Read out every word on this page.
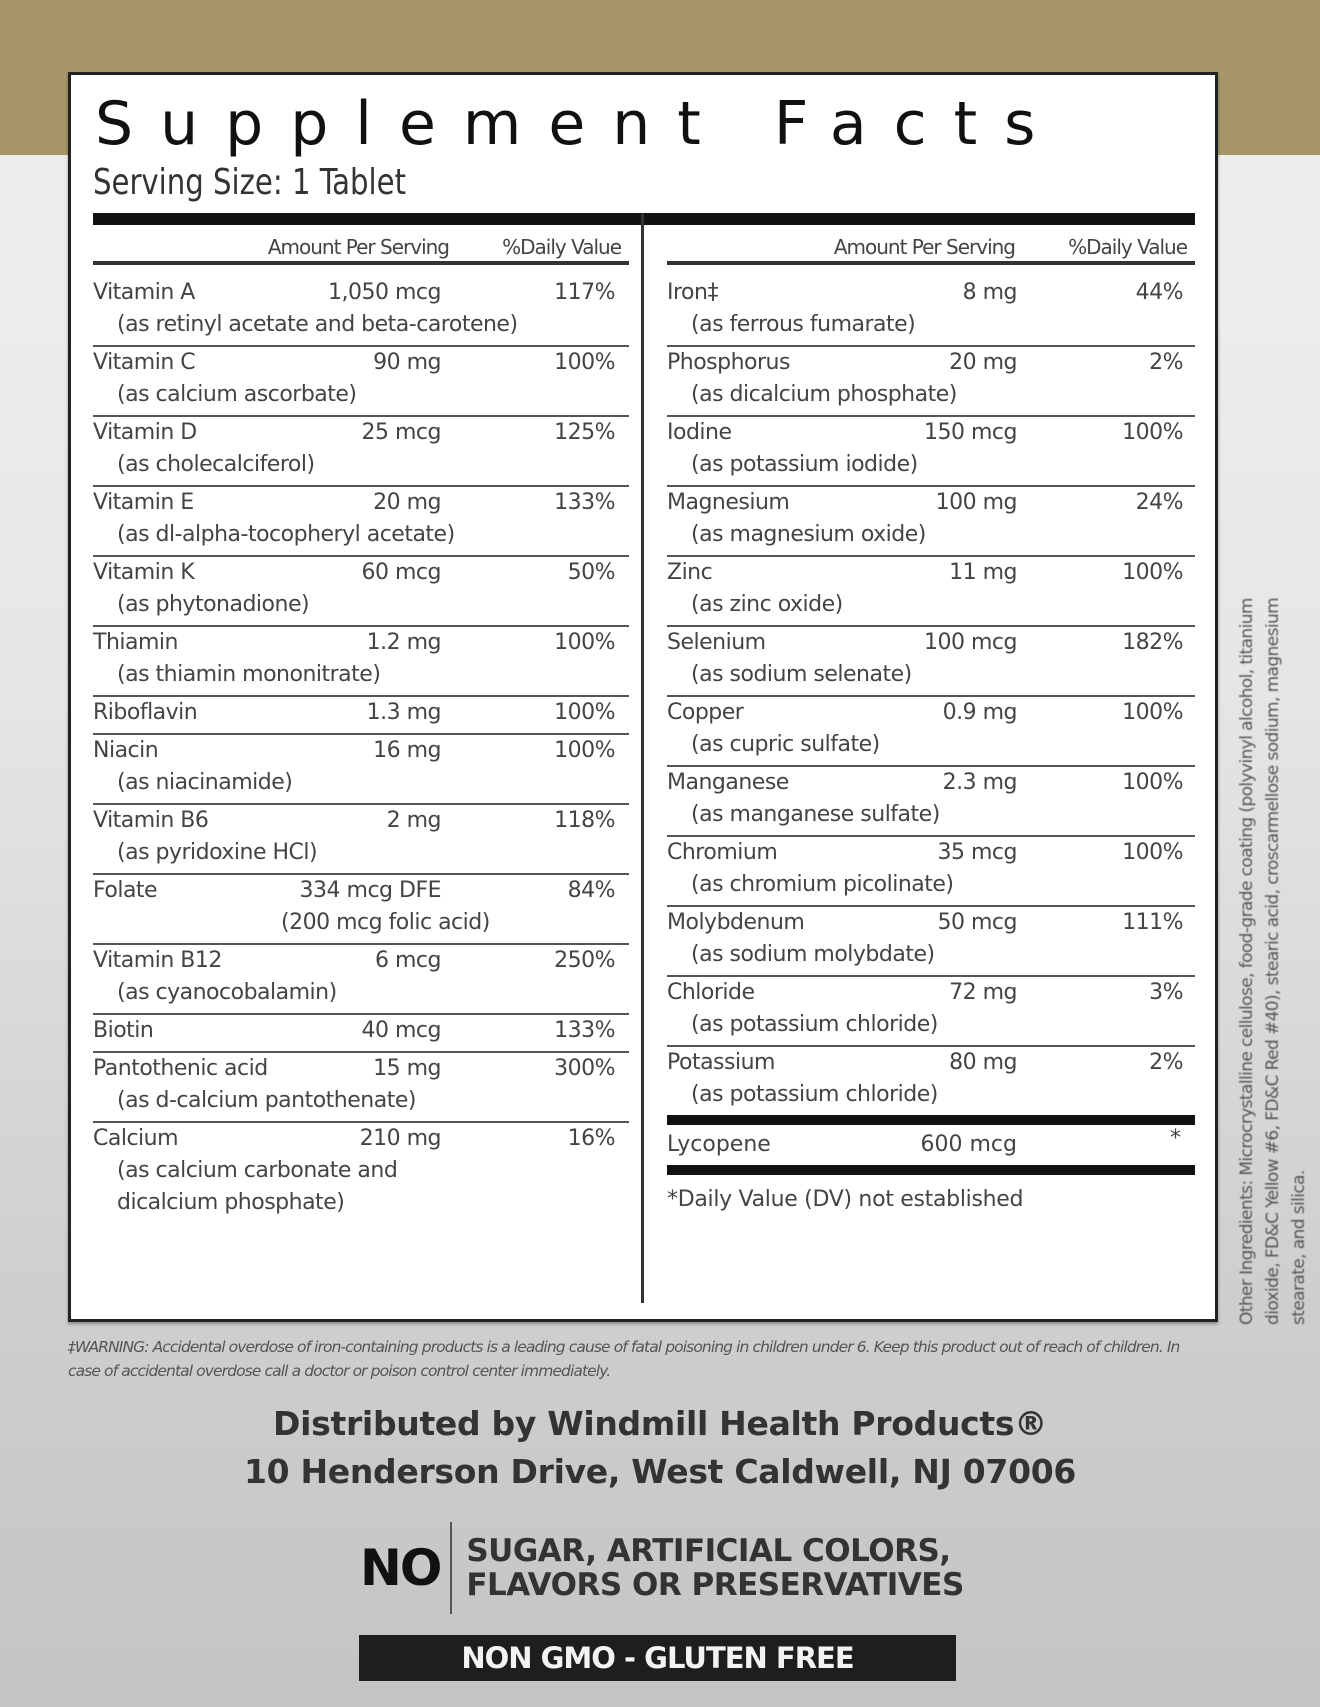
Supplement Facts
Serving Size: 1 Tablet
Amount Per Serving	%Daily Value
Vitamin A	1,050 mcg	117%
(as retinyl acetate and beta-carotene)
Vitamin C	90 mg	100%
(as calcium ascorbate)
Vitamin D	25 mcg	125%
(as cholecalciferol)
Vitamin E	20 mg	133%
(as dl-alpha-tocopheryl acetate)
Vitamin K	60 mcg	50%
(as phytonadione)
Thiamin	1.2 mg	100%
(as thiamin mononitrate)
Riboflavin	1.3 mg	100%
Niacin	16 mg	100%
(as niacinamide)
Vitamin B6	2 mg	118%
(as pyridoxine HCl)
Folate	334 mcg DFE	84%
(200 mcg folic acid)
Vitamin B12	6 mcg	250%
(as cyanocobalamin)
Biotin	40 mcg	133%
Pantothenic acid	15 mg	300%
(as d-calcium pantothenate)
Calcium	210 mg	16%
(as calcium carbonate and
dicalcium phosphate)
Amount Per Serving	%Daily Value
Iron‡	8 mg	44%
(as ferrous fumarate)
Phosphorus	20 mg	2%
(as dicalcium phosphate)
Iodine	150 mcg	100%
(as potassium iodide)
Magnesium	100 mg	24%
(as magnesium oxide)
Zinc	11 mg	100%
(as zinc oxide)
Selenium	100 mcg	182%
(as sodium selenate)
Copper	0.9 mg	100%
(as cupric sulfate)
Manganese	2.3 mg	100%
(as manganese sulfate)
Chromium	35 mcg	100%
(as chromium picolinate)
Molybdenum	50 mcg	111%
(as sodium molybdate)
Chloride	72 mg	3%
(as potassium chloride)
Potassium	80 mg	2%
(as potassium chloride)
Lycopene	600 mcg	*
*Daily Value (DV) not established	Other Ingredients: Microcrystalline cellulose, food-grade coating (polyvinyl alcohol, titanium dioxide, FD&C Yellow #6, FD&C Red #40), stearic acid, croscarmellose sodium, magnesium stearate, and silica.
‡WARNING: Accidental overdose of iron-containing products is a leading cause of fatal poisoning in children under 6. Keep this product out of reach of children. In case of accidental overdose call a doctor or poison control center immediately.
Distributed by Windmill Health Products®
10 Henderson Drive, West Caldwell, NJ 07006
NO SUGAR, ARTIFICIAL COLORS,
FLAVORS OR PRESERVATIVES
NON GMO - GLUTEN FREE
